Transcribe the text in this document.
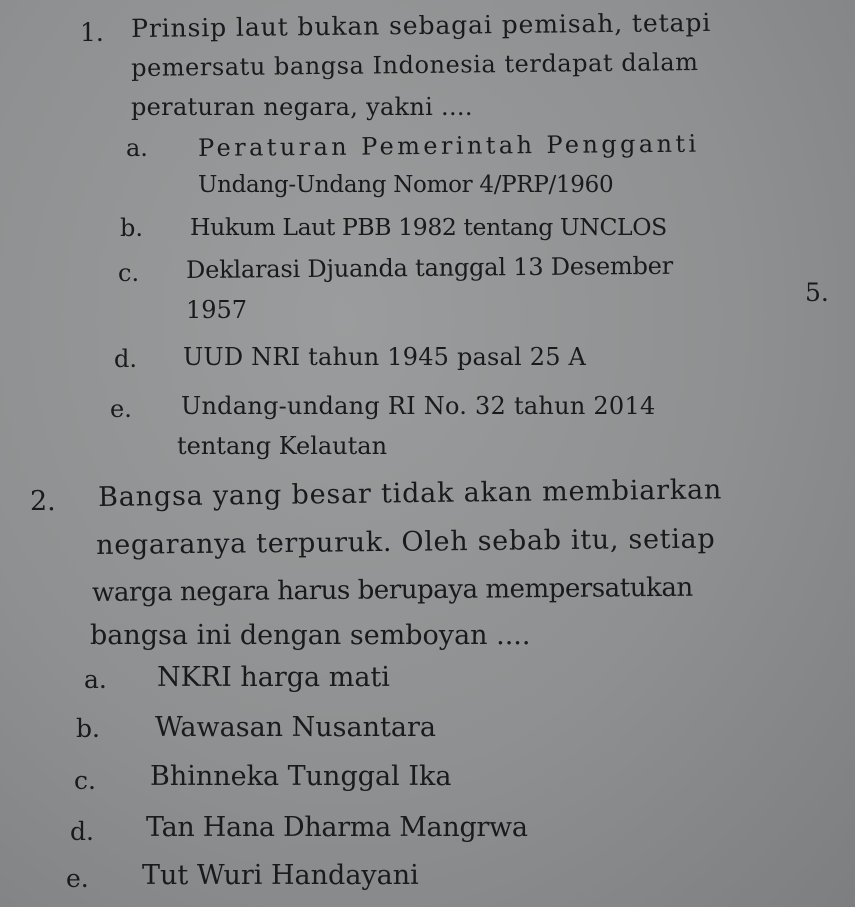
1. Prinsip laut bukan sebagai pemisah, tetapi
pemersatu bangsa Indonesia terdapat dalam
peraturan negara, yakni ....
a. Peraturan Pemerintah Pengganti
Undang-Undang Nomor 4/PRP/1960
b. Hukum Laut PBB 1982 tentang UNCLOS
c. Deklarasi Djuanda tanggal 13 Desember
1957
5.
d. UUD NRI tahun 1945 pasal 25 A
e. Undang-undang RI No. 32 tahun 2014
tentang Kelautan
2. Bangsa yang besar tidak akan membiarkan
negaranya terpuruk. Oleh sebab itu, setiap
warga negara harus berupaya mempersatukan
bangsa ini dengan semboyan ....
a. NKRI harga mati
b. Wawasan Nusantara
c. Bhinneka Tunggal Ika
d. Tan Hana Dharma Mangrwa
e. Tut Wuri Handayani
